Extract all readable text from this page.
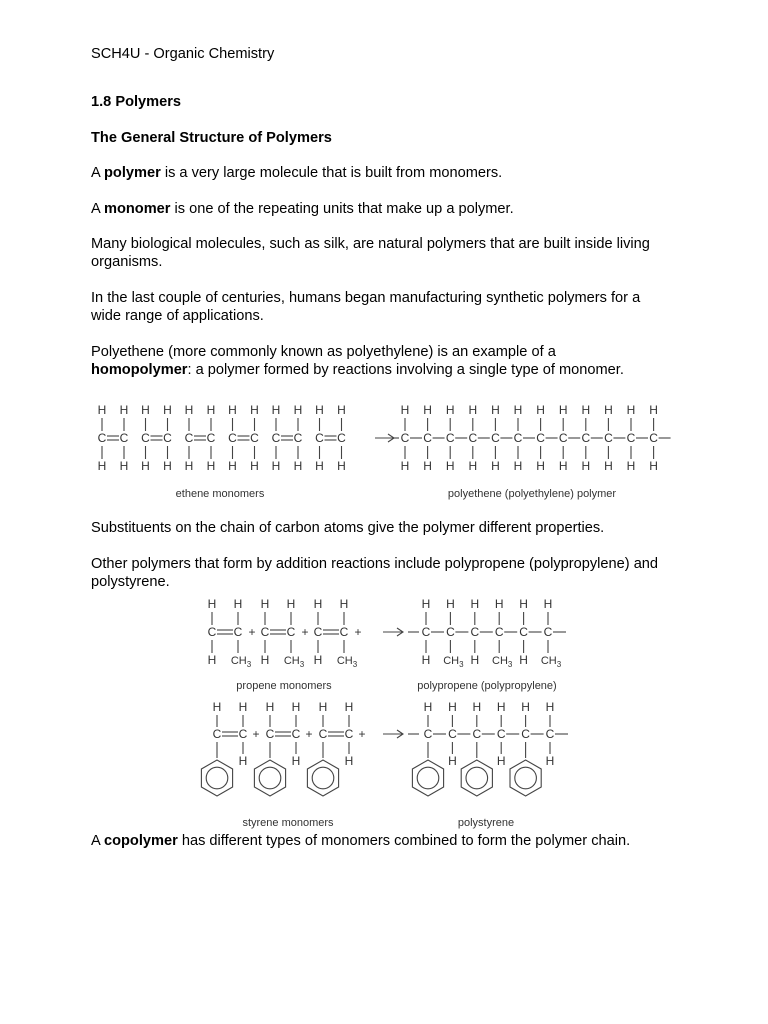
SCH4U - Organic Chemistry

1.8 Polymers

The General Structure of Polymers

A polymer is a very large molecule that is built from monomers.

A monomer is one of the repeating units that make up a polymer.

Many biological molecules, such as silk, are natural polymers that are built inside living
organisms.

In the last couple of centuries, humans began manufacturing synthetic polymers for a
wide range of applications.

Polyethene (more commonly known as polyethylene) is an example of a
homopolymer: a polymer formed by reactions involving a single type of monomer.

H
C
H
H
C
H
H
C
H
H
C
H
H
C
H
H
C
H
H
C
H
H
C
H
H
C
H
H
C
H
H
C
H
H
C
H
H
C
H
H
C
H
H
C
H
H
C
H
H
C
H
H
C
H
H
C
H
H
C
H
H
C
H
H
C
H
H
C
H
H
C
H
ethene monomers	polyethene (polyethylene) polymer

Substituents on the chain of carbon atoms give the polymer different properties.

Other polymers that form by addition reactions include polypropene (polypropylene) and
polystyrene.

H
C
H
C
H $CH_3$
+
H
C
H
C
H $CH_3$
+
H
C
H
C
H $CH_3$
+
H
C
H
H
C
$CH_3$
H
C
H
H
C
$CH_3$
H
C
H
H
C
$CH_3$
propene monomers	polypropene (polypropylene)
H
C
H
C
H
+
H
C
H
C
H
+
H
C
H
C
H
+
H
C
H
C
H
H
C
H
C
H
H
C
H
C
H
styrene monomers	polystyrene

A copolymer has different types of monomers combined to form the polymer chain.
